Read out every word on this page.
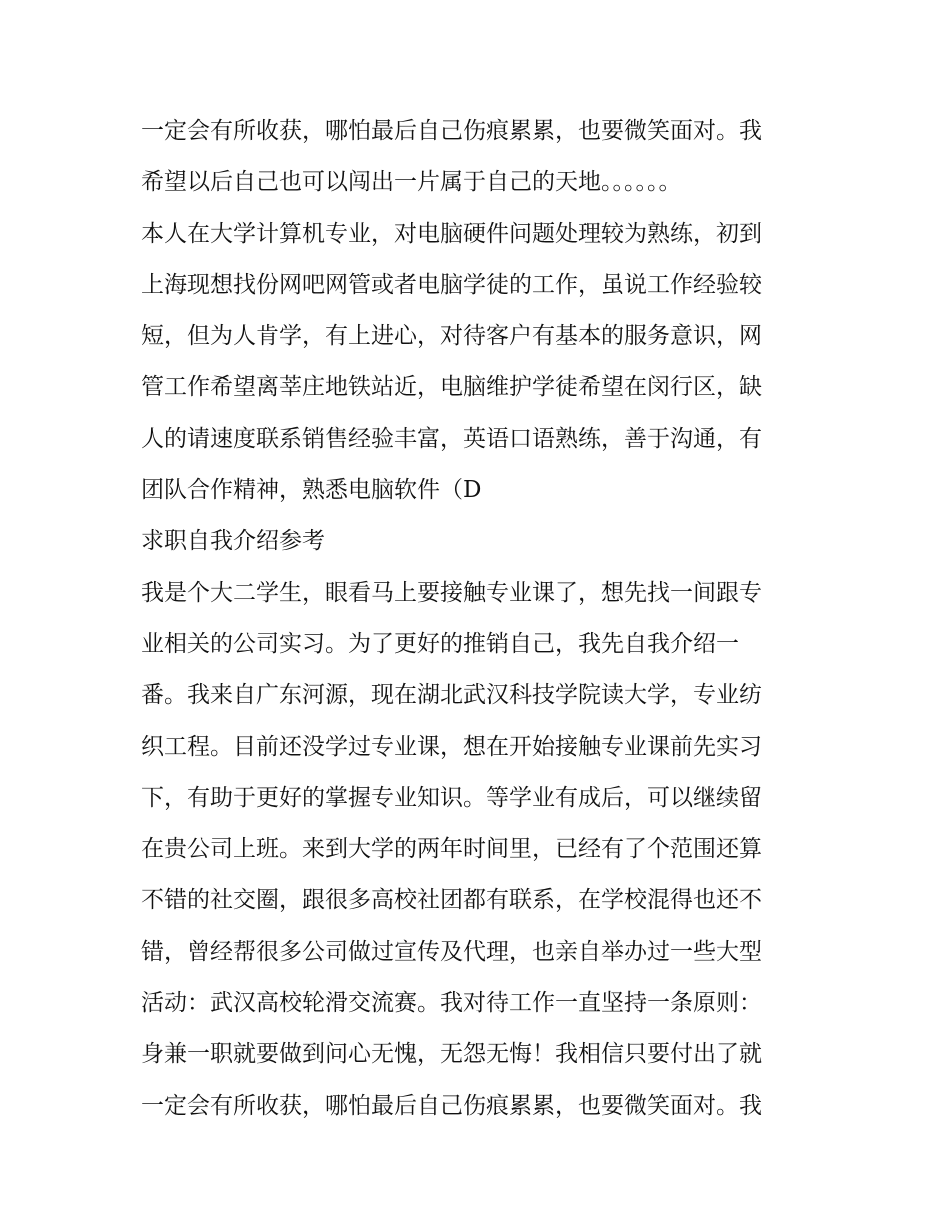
一定会有所收获，哪怕最后自己伤痕累累，也要微笑面对。我
希望以后自己也可以闯出一片属于自己的天地。。。。。。
本人在大学计算机专业，对电脑硬件问题处理较为熟练，初到
上海现想找份网吧网管或者电脑学徒的工作，虽说工作经验较
短，但为人肯学，有上进心，对待客户有基本的服务意识，网
管工作希望离莘庄地铁站近，电脑维护学徒希望在闵行区，缺
人的请速度联系销售经验丰富，英语口语熟练，善于沟通，有
团队合作精神，熟悉电脑软件（D
求职自我介绍参考
我是个大二学生，眼看马上要接触专业课了，想先找一间跟专
业相关的公司实习。为了更好的推销自己，我先自我介绍一
番。我来自广东河源，现在湖北武汉科技学院读大学，专业纺
织工程。目前还没学过专业课，想在开始接触专业课前先实习
下，有助于更好的掌握专业知识。等学业有成后，可以继续留
在贵公司上班。来到大学的两年时间里，已经有了个范围还算
不错的社交圈，跟很多高校社团都有联系，在学校混得也还不
错，曾经帮很多公司做过宣传及代理，也亲自举办过一些大型
活动：武汉高校轮滑交流赛。我对待工作一直坚持一条原则：
身兼一职就要做到问心无愧，无怨无悔！我相信只要付出了就
一定会有所收获，哪怕最后自己伤痕累累，也要微笑面对。我
